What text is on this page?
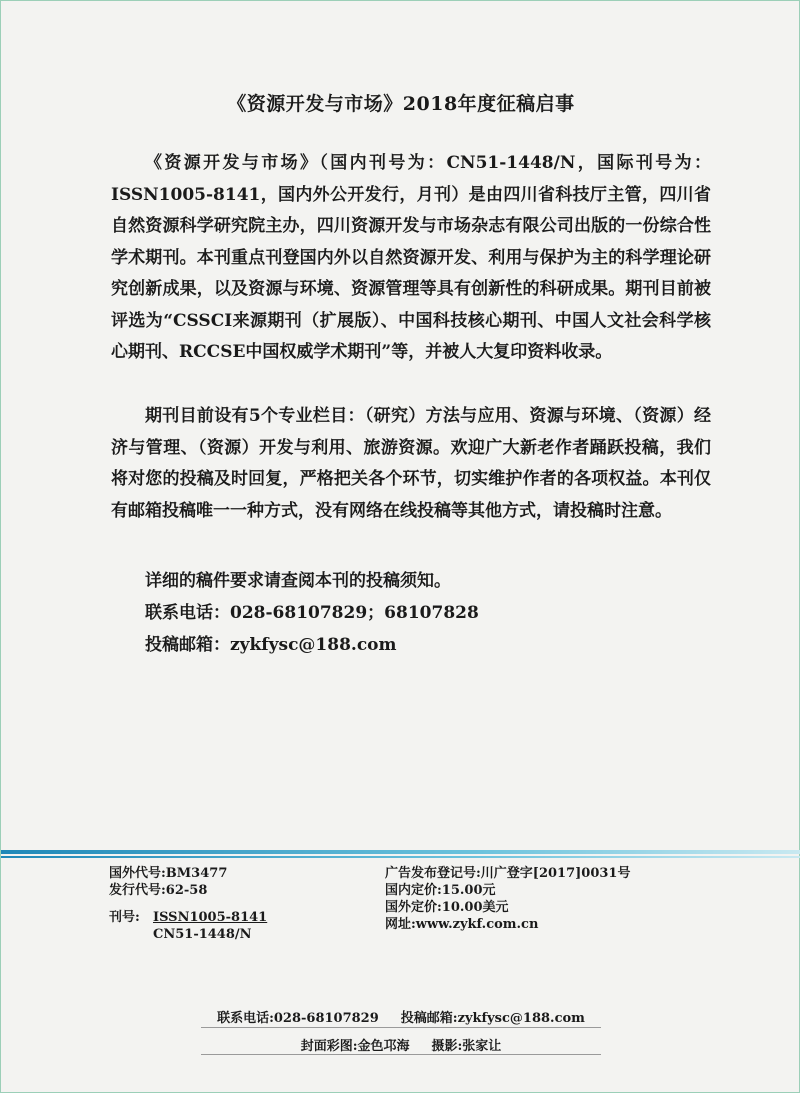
《资源开发与市场》2018年度征稿启事

《资源开发与市场》（国内刊号为：CN51-1448/N，国际刊号为：ISSN1005-8141，国内外公开发行，月刊）是由四川省科技厅主管，四川省自然资源科学研究院主办，四川资源开发与市场杂志有限公司出版的一份综合性学术期刊。本刊重点刊登国内外以自然资源开发、利用与保护为主的科学理论研究创新成果，以及资源与环境、资源管理等具有创新性的科研成果。期刊目前被评选为“CSSCI来源期刊（扩展版）、中国科技核心期刊、中国人文社会科学核心期刊、RCCSE中国权威学术期刊”等，并被人大复印资料收录。

期刊目前设有5个专业栏目：（研究）方法与应用、资源与环境、（资源）经济与管理、（资源）开发与利用、旅游资源。欢迎广大新老作者踊跃投稿，我们将对您的投稿及时回复，严格把关各个环节，切实维护作者的各项权益。本刊仅有邮箱投稿唯一一种方式，没有网络在线投稿等其他方式，请投稿时注意。

详细的稿件要求请查阅本刊的投稿须知。
联系电话：028-68107829；68107828
投稿邮箱：zykfysc@188.com
国外代号:BM3477
发行代号:62-58
刊号: ISSN1005-8141
CN51-1448/N
广告发布登记号:川广登字[2017]0031号
国内定价:15.00元
国外定价:10.00美元
网址:www.zykf.com.cn
联系电话:028-68107829 投稿邮箱:zykfysc@188.com
封面彩图:金色邛海 摄影:张家让
